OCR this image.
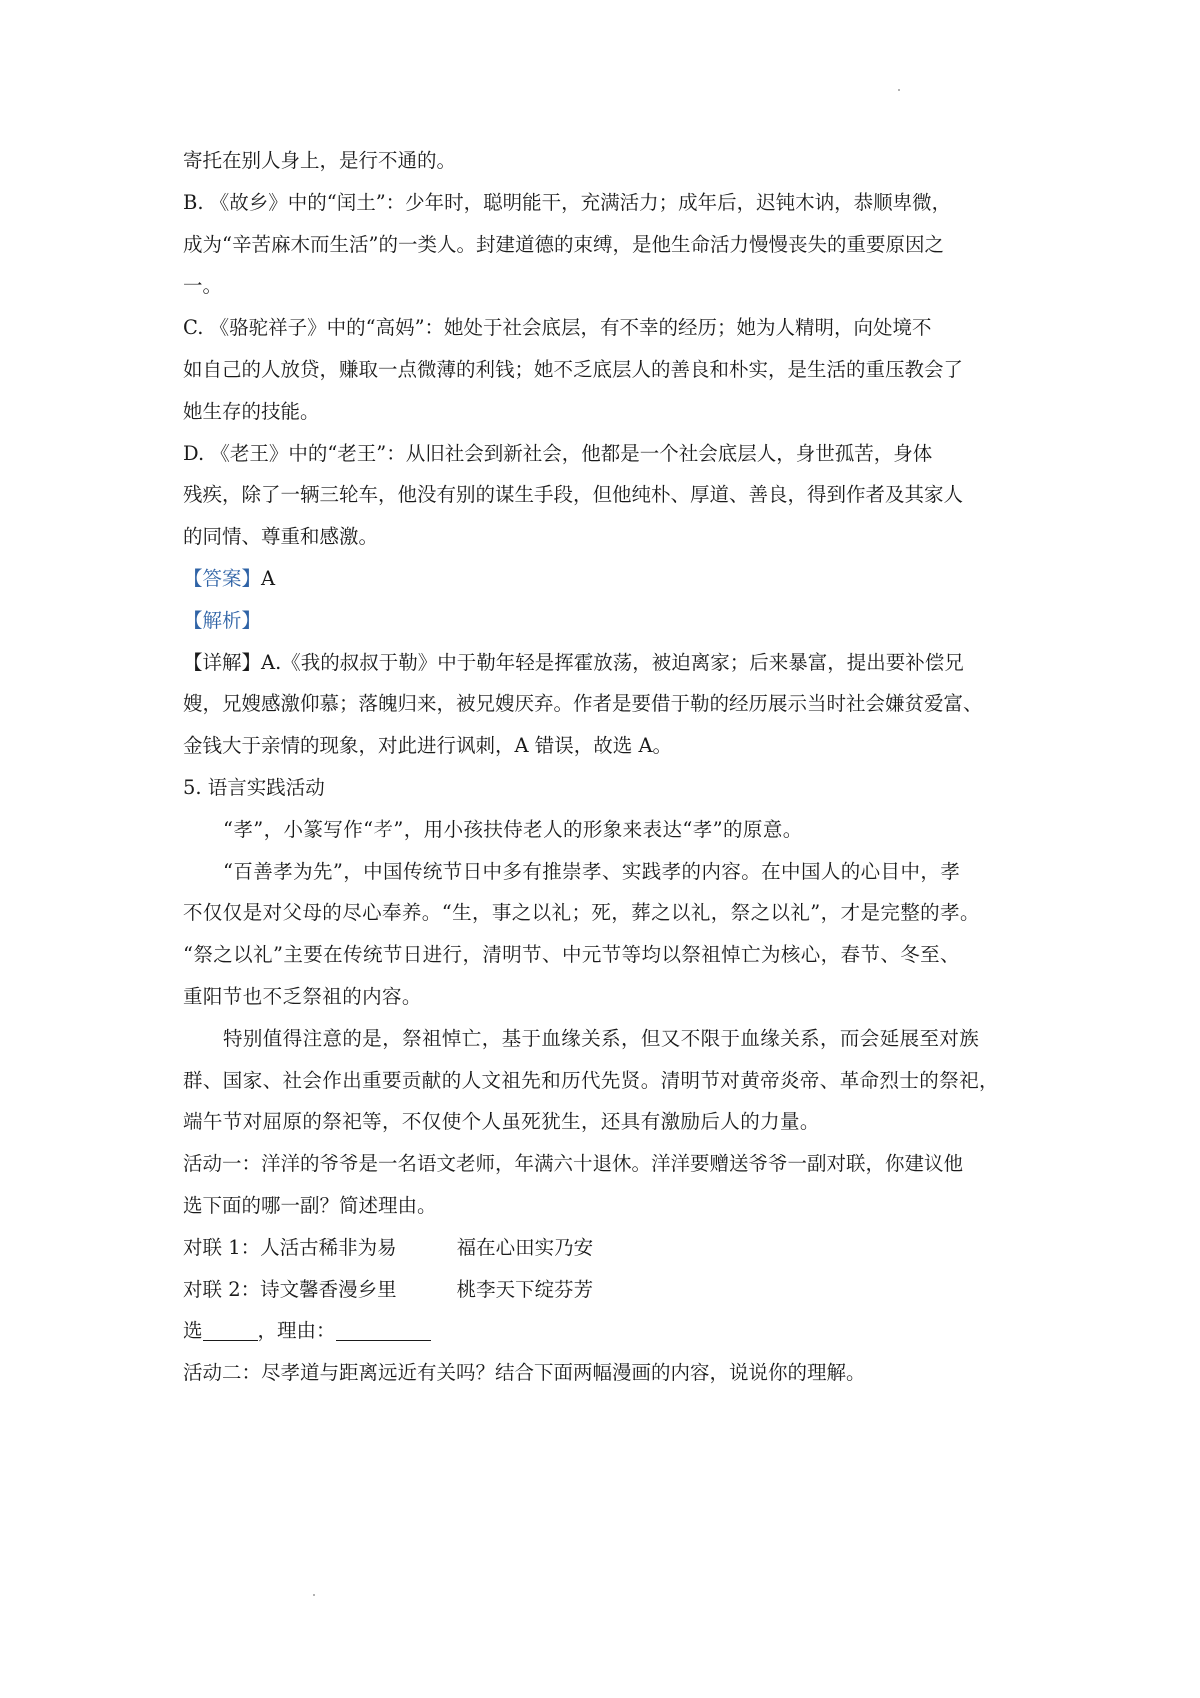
寄托在别人身上，是行不通的。

B. 《故乡》中的“闰土”：少年时，聪明能干，充满活力；成年后，迟钝木讷，恭顺卑微，

成为“辛苦麻木而生活”的一类人。封建道德的束缚，是他生命活力慢慢丧失的重要原因之

一。

C. 《骆驼祥子》中的“高妈”：她处于社会底层，有不幸的经历；她为人精明，向处境不

如自己的人放贷，赚取一点微薄的利钱；她不乏底层人的善良和朴实，是生活的重压教会了

她生存的技能。

D. 《老王》中的“老王”：从旧社会到新社会，他都是一个社会底层人，身世孤苦，身体

残疾，除了一辆三轮车，他没有别的谋生手段，但他纯朴、厚道、善良，得到作者及其家人

的同情、尊重和感激。

【答案】A

【解析】

【详解】A.《我的叔叔于勒》中于勒年轻是挥霍放荡，被迫离家；后来暴富，提出要补偿兄

嫂，兄嫂感激仰慕；落魄归来，被兄嫂厌弃。作者是要借于勒的经历展示当时社会嫌贫爱富、

金钱大于亲情的现象，对此进行讽刺，A 错误，故选 A。

5. 语言实践活动

“孝”，小篆写作“𦒱”，用小孩扶侍老人的形象来表达“孝”的原意。

“百善孝为先”，中国传统节日中多有推崇孝、实践孝的内容。在中国人的心目中，孝

不仅仅是对父母的尽心奉养。“生，事之以礼；死，葬之以礼，祭之以礼”，才是完整的孝。

“祭之以礼”主要在传统节日进行，清明节、中元节等均以祭祖悼亡为核心，春节、冬至、

重阳节也不乏祭祖的内容。

特别值得注意的是，祭祖悼亡，基于血缘关系，但又不限于血缘关系，而会延展至对族

群、国家、社会作出重要贡献的人文祖先和历代先贤。清明节对黄帝炎帝、革命烈士的祭祀，

端午节对屈原的祭祀等，不仅使个人虽死犹生，还具有激励后人的力量。

活动一：洋洋的爷爷是一名语文老师，年满六十退休。洋洋要赠送爷爷一副对联，你建议他

选下面的哪一副？简述理由。

对联 1：人活古稀非为易	福在心田实乃安

对联 2：诗文馨香漫乡里	桃李天下绽芬芳

选	，理由：

活动二：尽孝道与距离远近有关吗？结合下面两幅漫画的内容，说说你的理解。
